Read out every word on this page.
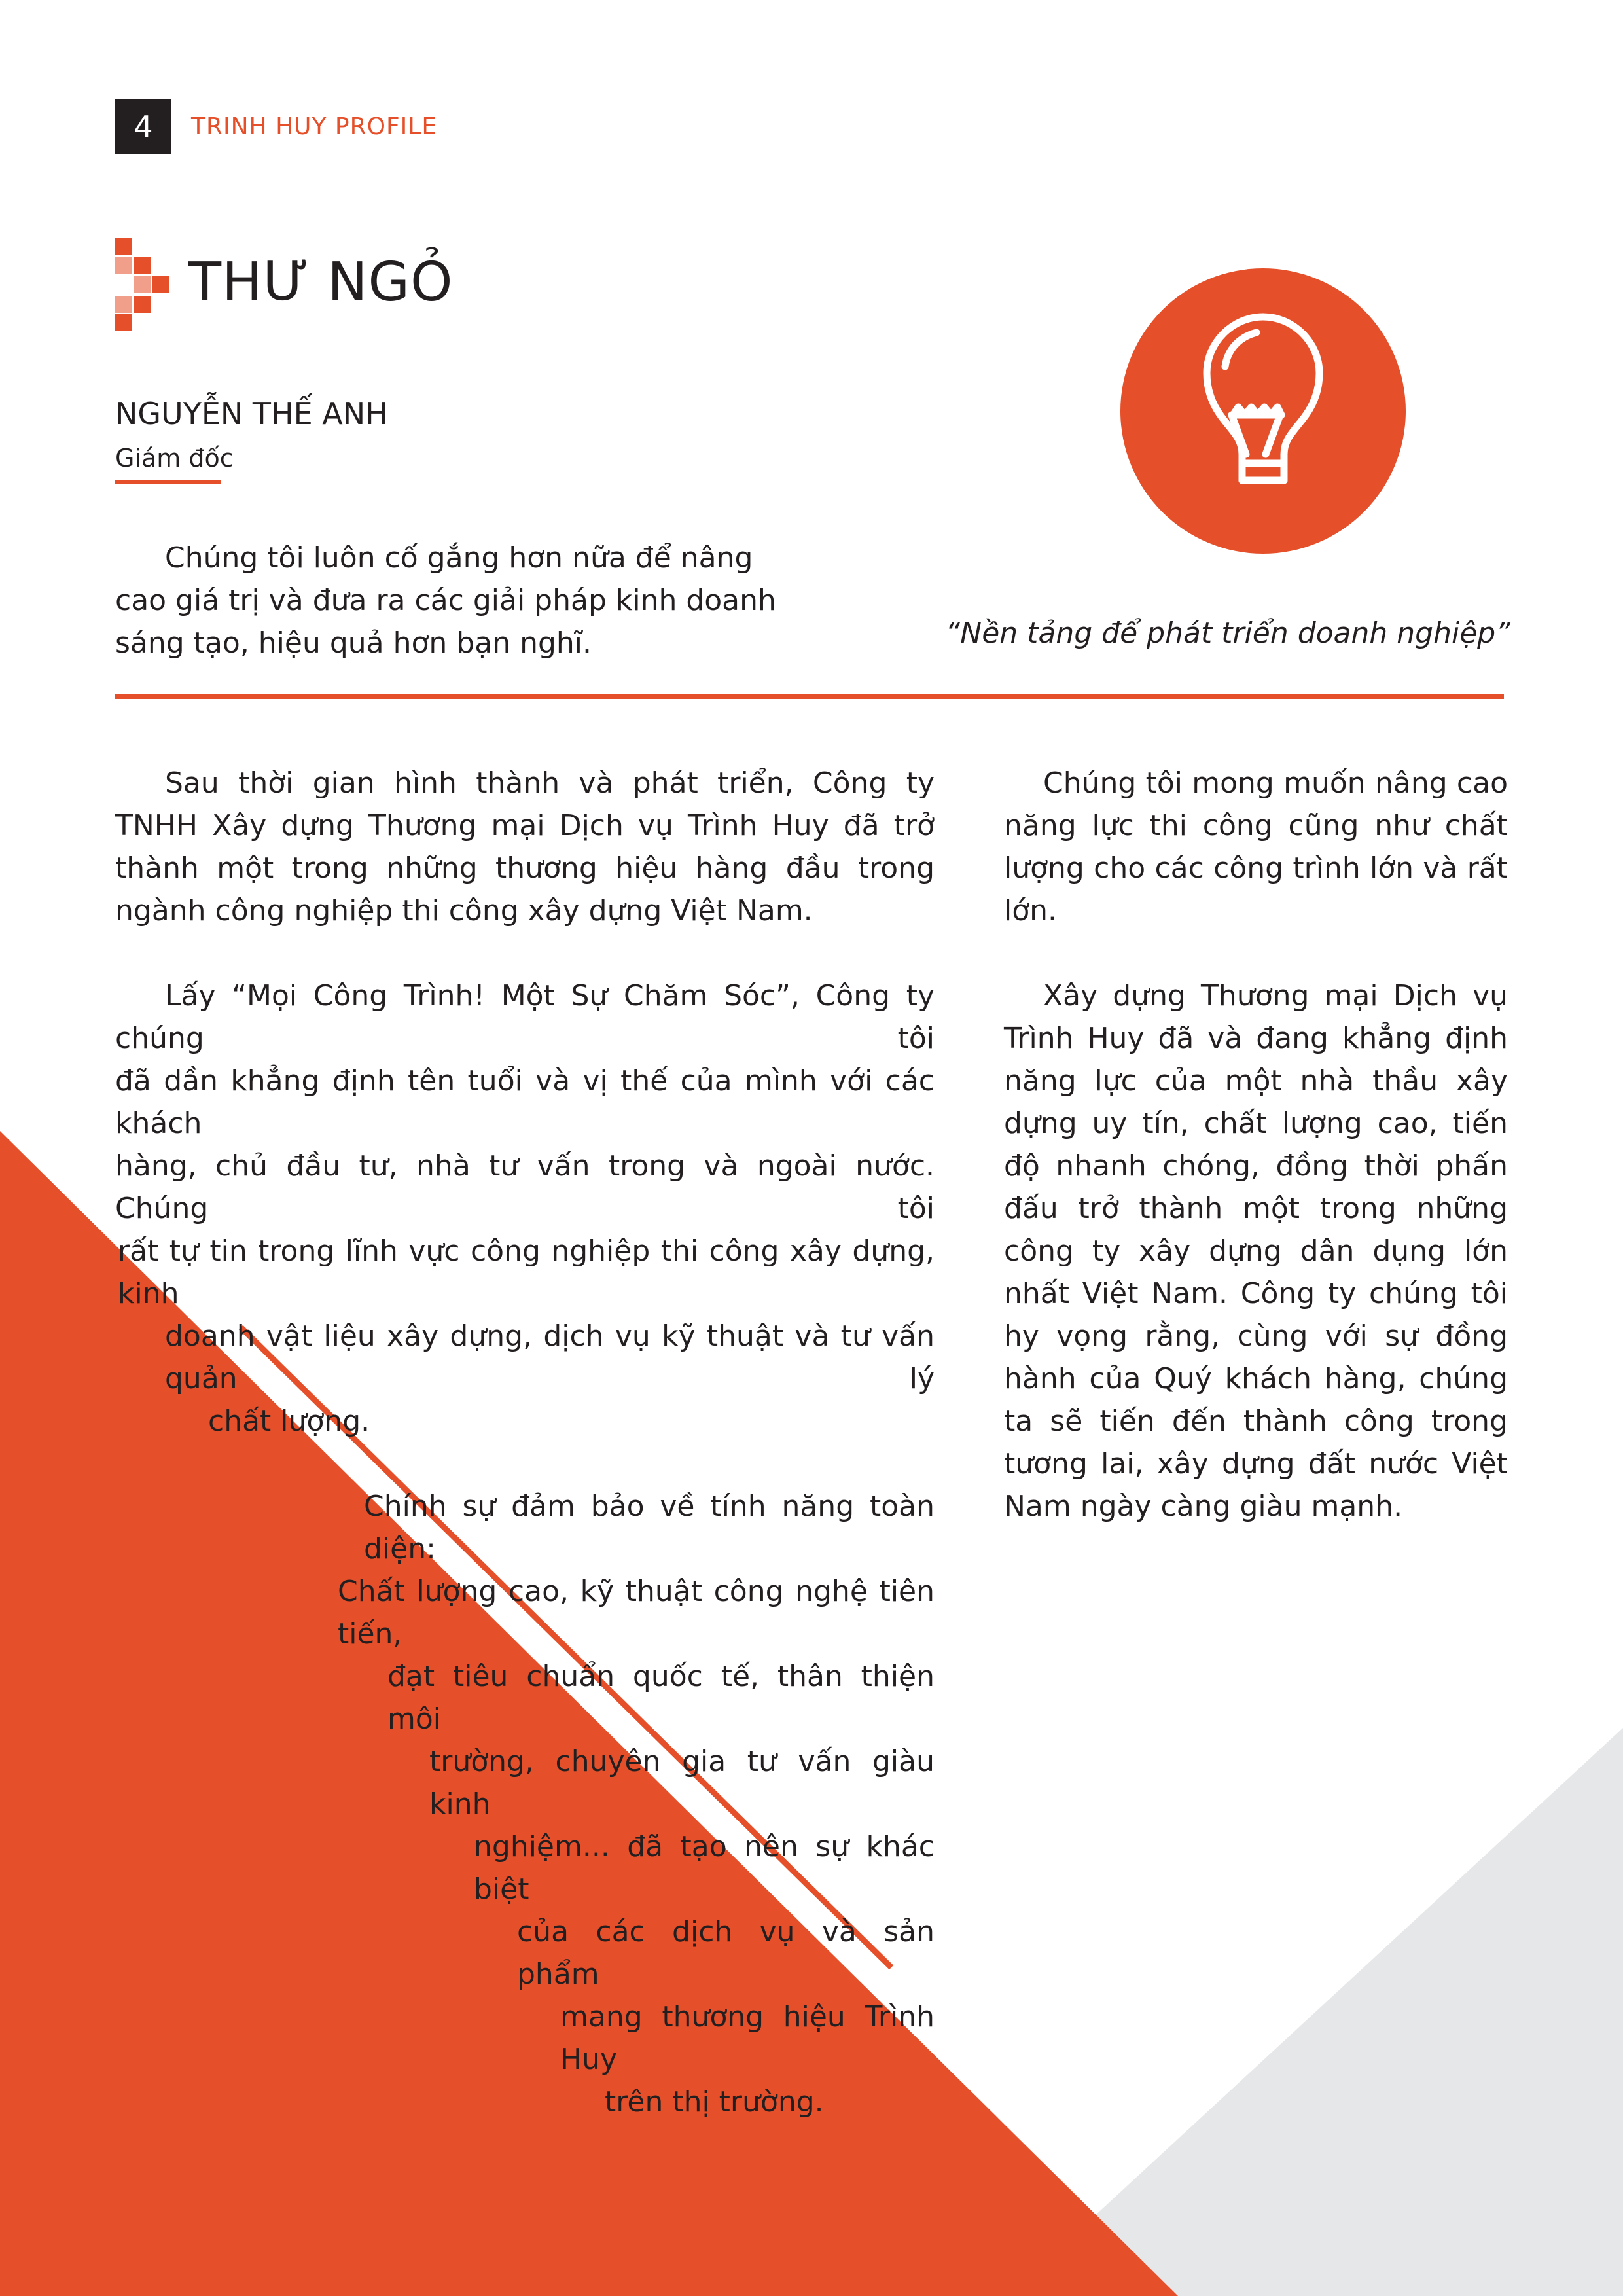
4	TRINH HUY PROFILE
THƯ NGỎ
NGUYỄN THẾ ANH
Giám đốc

Chúng tôi luôn cố gắng hơn nữa để nâng cao giá trị và đưa ra các giải pháp kinh doanh sáng tạo, hiệu quả hơn bạn nghĩ.	“Nền tảng để phát triển doanh nghiệp”

Sau thời gian hình thành và phát triển, Công ty TNHH Xây dựng Thương mại Dịch vụ Trình Huy đã trở thành một trong những thương hiệu hàng đầu trong ngành công nghiệp thi công xây dựng Việt Nam.

Lấy “Mọi Công Trình! Một Sự Chăm Sóc”, Công ty chúng tôi
đã dần khẳng định tên tuổi và vị thế của mình với các khách
hàng, chủ đầu tư, nhà tư vấn trong và ngoài nước. Chúng tôi
rất tự tin trong lĩnh vực công nghiệp thi công xây dựng, kinh
doanh vật liệu xây dựng, dịch vụ kỹ thuật và tư vấn quản lý
chất lượng.
Chính sự đảm bảo về tính năng toàn diện:
Chất lượng cao, kỹ thuật công nghệ tiên tiến,
đạt tiêu chuẩn quốc tế, thân thiện môi
trường, chuyên gia tư vấn giàu kinh
nghiệm... đã tạo nên sự khác biệt
của các dịch vụ và sản phẩm
mang thương hiệu Trình Huy
trên thị trường.

Chúng tôi mong muốn nâng cao năng lực thi công cũng như chất lượng cho các công trình lớn và rất lớn.

Xây dựng Thương mại Dịch vụ Trình Huy đã và đang khẳng định năng lực của một nhà thầu xây dựng uy tín, chất lượng cao, tiến độ nhanh chóng, đồng thời phấn đấu trở thành một trong những công ty xây dựng dân dụng lớn nhất Việt Nam. Công ty chúng tôi hy vọng rằng, cùng với sự đồng hành của Quý khách hàng, chúng ta sẽ tiến đến thành công trong tương lai, xây dựng đất nước Việt Nam ngày càng giàu mạnh.
